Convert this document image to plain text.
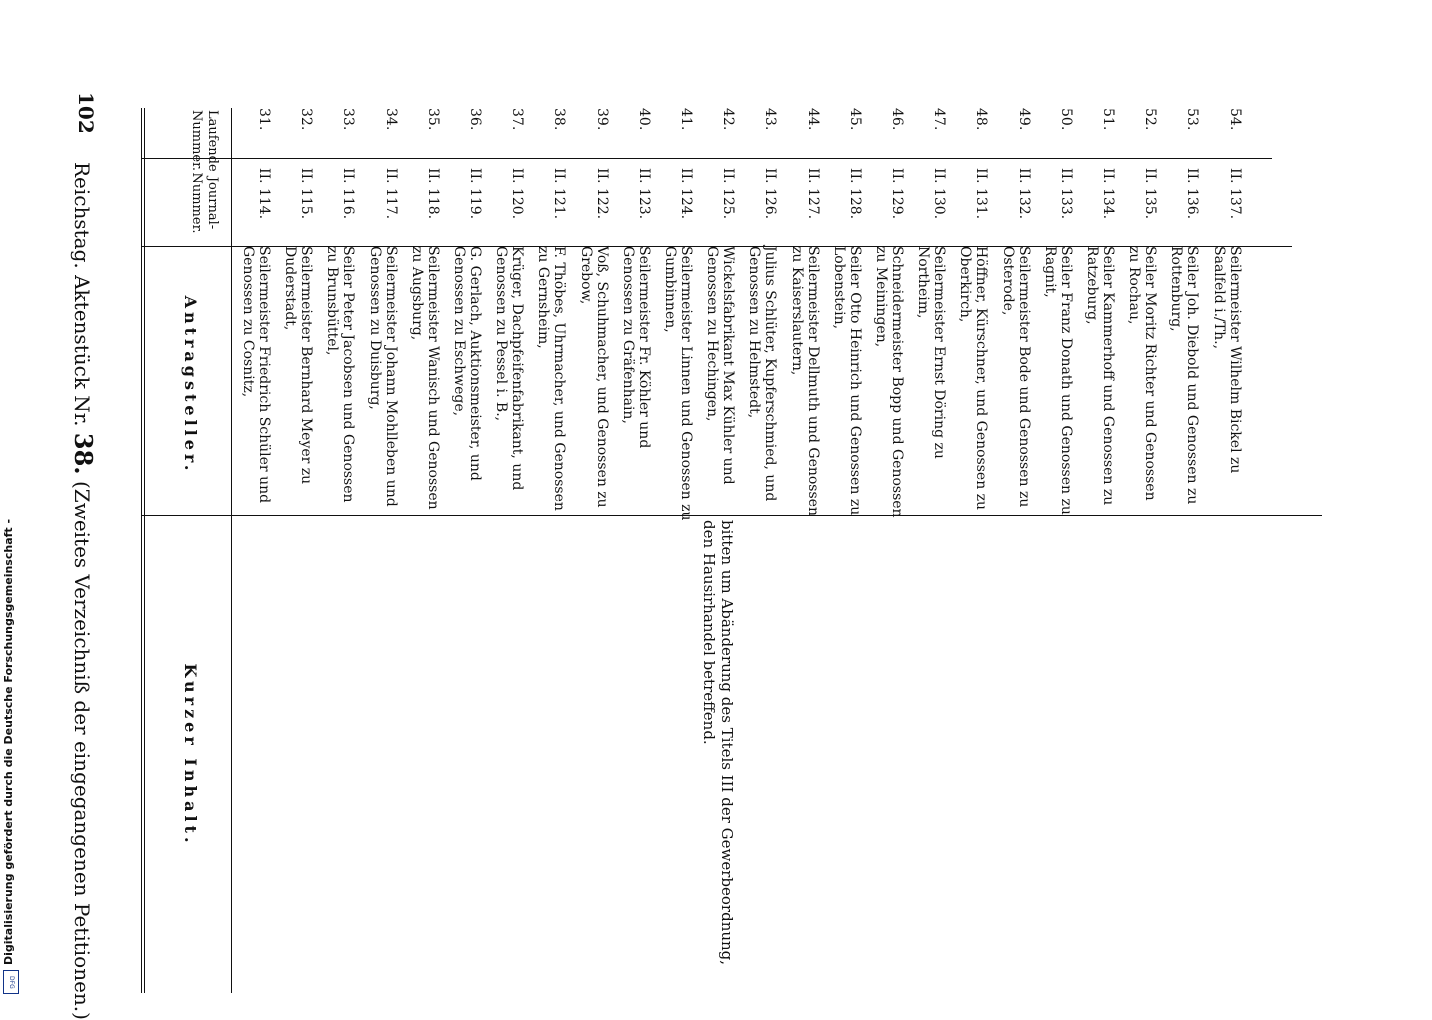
102
Reichstag. Aktenstück Nr. 38. (Zweites Verzeichniß der eingegangenen Petitionen.)
Laufende Nummer.
Journal-Nummer.
Antragsteller.
Kurzer Inhalt.
31.
II. 114.
Seilermeister Friedrich Schüler und Genossen zu Cosnitz,
32.
II. 115.
Seilermeister Bernhard Meyer zu Duderstadt,
33.
II. 116.
Seiler Peter Jacobsen und Genossen zu Brunsbüttel,
34.
II. 117.
Seilermeister Johann Mohlleben und Genossen zu Duisburg,
35.
II. 118.
Seilermeister Wanisch und Genossen zu Augsburg,
36.
II. 119.
G. Gerlach, Auktionsmeister, und Genossen zu Eschwege,
37.
II. 120.
Krüger, Dachpfeifenfabrikant, und Genossen zu Pessel i. B.,
38.
II. 121.
F. Thöbes, Uhrmacher, und Genossen zu Gernsheim,
39.
II. 122.
Voß, Schuhmacher, und Genossen zu Grebow,
40.
II. 123.
Seilermeister Fr. Köhler und Genossen zu Gräfenhain,
41.
II. 124.
Seilermeister Linnen und Genossen zu Gumbinnen,
42.
II. 125.
Wickelsfabrikant Max Kühler und Genossen zu Hechingen,
43.
II. 126.
Julius Schlüter, Kupferschmied, und Genossen zu Helmstedt,
44.
II. 127.
Seilermeister Dellmuth und Genossen zu Kaiserslautern,
45.
II. 128.
Seiler Otto Heinrich und Genossen zu Lobenstein,
46.
II. 129.
Schneidermeister Bopp und Genossen zu Meiningen,
47.
II. 130.
Seilermeister Ernst Döring zu Northeim,
48.
II. 131.
Höffner, Kürschner, und Genossen zu Oberkirch,
49.
II. 132.
Seilermeister Bode und Genossen zu Osterode,
50.
II. 133.
Seiler Franz Donath und Genossen zu Ragnit,
51.
II. 134.
Seiler Kammerhoff und Genossen zu Ratzeburg,
52.
II. 135.
Seiler Moritz Richter und Genossen zu Rochau,
53.
II. 136.
Seiler Joh. Diebold und Genossen zu Rottenburg,
54.
II. 137.
Seilermeister Wilhelm Bickel zu Saalfeld i./Th.,
bitten um Abänderung des Titels III der Gewerbeordnung, den Hausirhandel betreffend.
Digitalisierung gefördert durch die Deutsche Forschungsgemeinschaft -
DFG
